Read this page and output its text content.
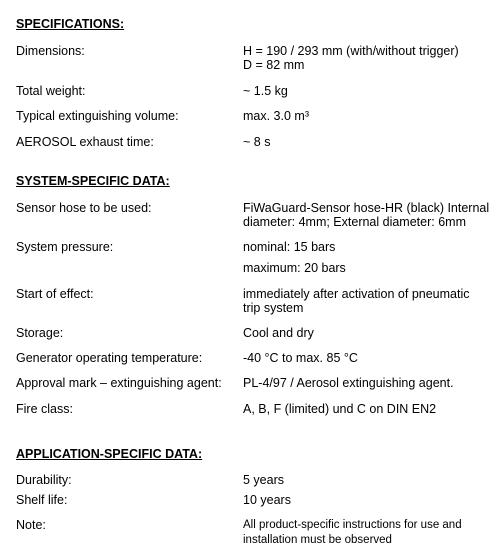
SPECIFICATIONS:
Dimensions:	H = 190 / 293 mm (with/without trigger)
D = 82 mm
Total weight:	~ 1.5 kg
Typical extinguishing volume:	max. 3.0 m³
AEROSOL exhaust time:	~ 8 s
SYSTEM-SPECIFIC DATA:
Sensor hose to be used:	FiWaGuard-Sensor hose-HR (black) Internal
diameter: 4mm; External diameter: 6mm
System pressure:	nominal: 15 bars
maximum: 20 bars
Start of effect:	immediately after activation of pneumatic
trip system
Storage:	Cool and dry
Generator operating temperature:	-40 °C to max. 85 °C
Approval mark – extinguishing agent: PL-4/97 / Aerosol extinguishing agent.
Fire class:	A, B, F (limited) und C on DIN EN2
APPLICATION-SPECIFIC DATA:
Durability:	5 years
Shelf life:	10 years
Note:	All product-specific instructions for use and
installation must be observed
